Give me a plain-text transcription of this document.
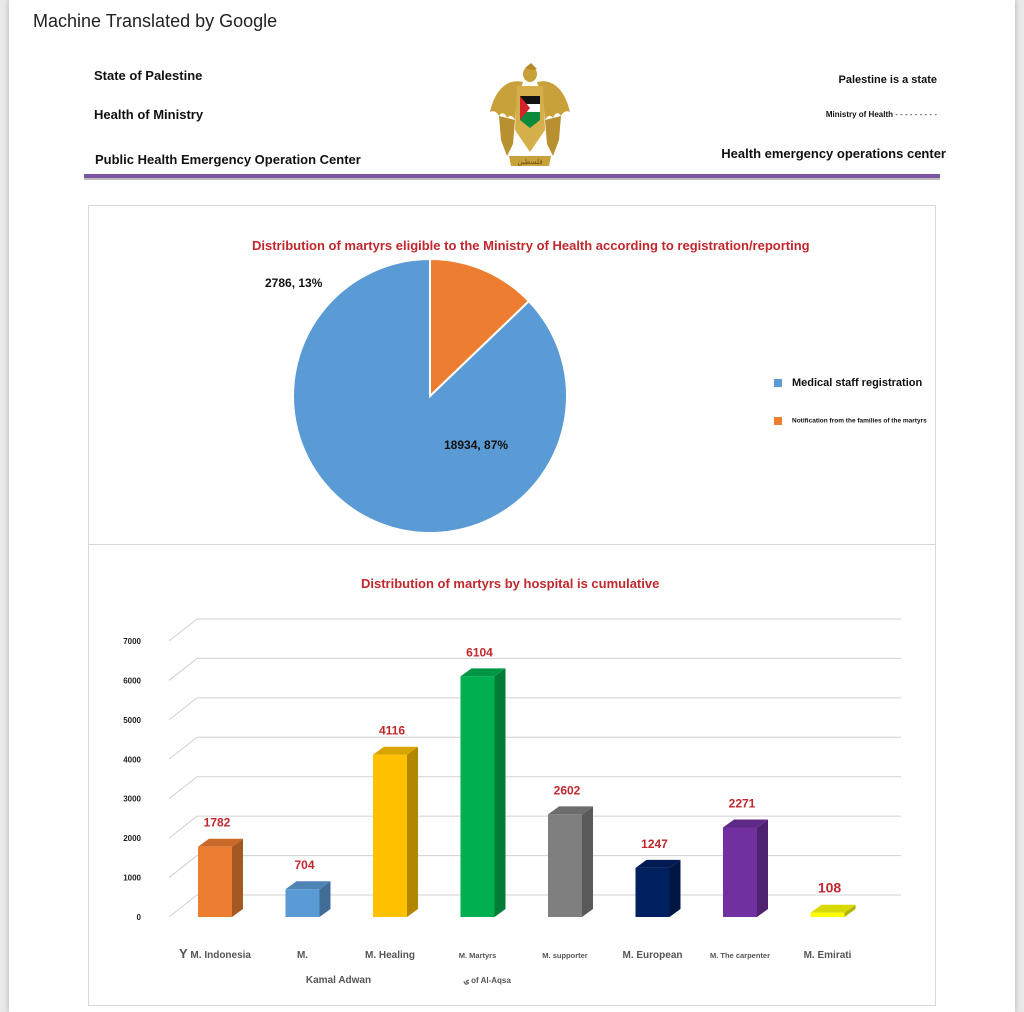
Machine Translated by Google
State of Palestine
Health of Ministry
Public Health Emergency Operation Center
Palestine is a state
Ministry of Health - - - - - - - - -
Health emergency operations center
فلسطين
Distribution of martyrs eligible to the Ministry of Health according to registration/reporting
18934, 87%
2786, 13%
Medical staff registration
Notification from the families of the martyrs
Distribution of martyrs by hospital is cumulative
0
1000
2000
3000
4000
5000
6000
7000
1782
Y M. Indonesia
704
M.
Kamal Adwan
4116
M. Healing
6104
M. Martyrs
ۍ of Al-Aqsa
2602
M. supporter
1247
M. European
2271
M. The carpenter
108
M. Emirati
